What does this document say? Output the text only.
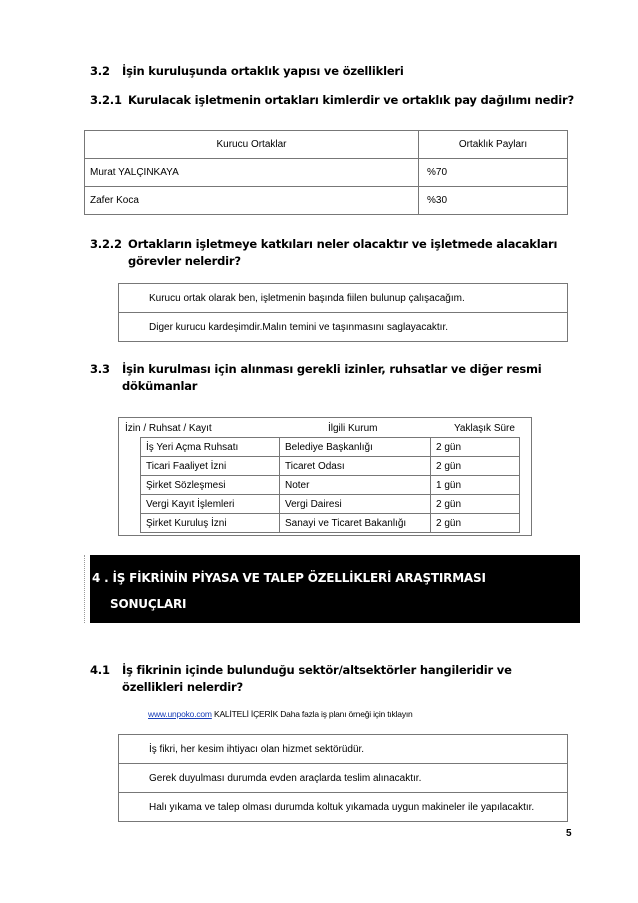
3.2 İşin kuruluşunda ortaklık yapısı ve özellikleri
3.2.1 Kurulacak işletmenin ortakları kimlerdir ve ortaklık pay dağılımı nedir?
Kurucu Ortaklar	Ortaklık Payları
Murat YALÇINKAYA	%70
Zafer Koca	%30
3.2.2 Ortakların işletmeye katkıları neler olacaktır ve işletmede alacakları
görevler nelerdir?
Kurucu ortak olarak ben, işletmenin başında fiilen bulunup çalışacağım.
Diger kurucu kardeşimdir.Malın temini ve taşınmasını saglayacaktır.
3.3 İşin kurulması için alınması gerekli izinler, ruhsatlar ve diğer resmi
dökümanlar
İzin / Ruhsat / Kayıt	İlgili Kurum	Yaklaşık Süre
İş Yeri Açma Ruhsatı	Belediye Başkanlığı	2 gün
Ticari Faaliyet İzni	Ticaret Odası	2 gün
Şirket Sözleşmesi	Noter	1 gün
Vergi Kayıt İşlemleri	Vergi Dairesi	2 gün
Şirket Kuruluş İzni	Sanayi ve Ticaret Bakanlığı	2 gün
4 . İŞ FİKRİNİN PİYASA VE TALEP ÖZELLİKLERİ ARAŞTIRMASI
SONUÇLARI
4.1 İş fikrinin içinde bulunduğu sektör/altsektörler hangileridir ve
özellikleri nelerdir?
www.unpoko.com KALİTELİ İÇERİK Daha fazla iş planı örneği için tıklayın
İş fikri, her kesim ihtiyacı olan hizmet sektörüdür.
Gerek duyulması durumda evden araçlarda teslim alınacaktır.
Halı yıkama ve talep olması durumda koltuk yıkamada uygun makineler ile yapılacaktır.
5
